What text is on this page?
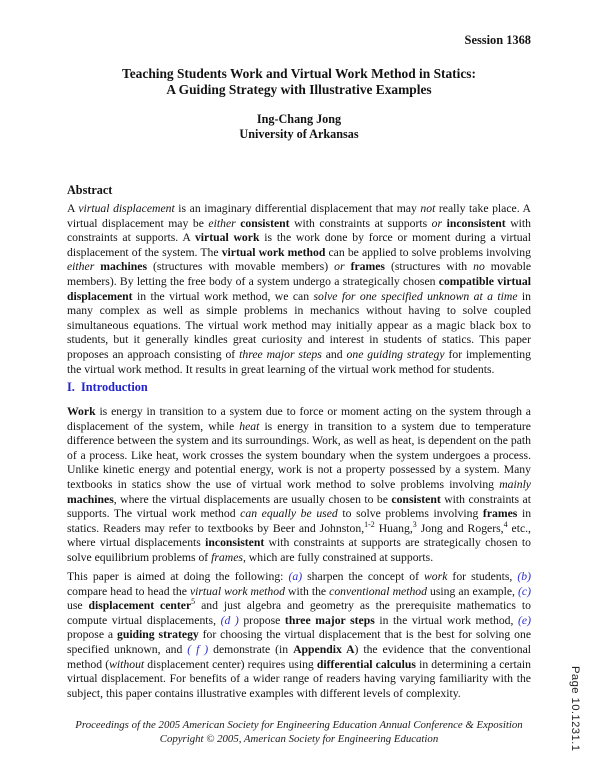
Session 1368
Teaching Students Work and Virtual Work Method in Statics:
A Guiding Strategy with Illustrative Examples
Ing-Chang Jong
University of Arkansas
Abstract

A virtual displacement is an imaginary differential displacement that may not really take place. A virtual displacement may be either consistent with constraints at supports or inconsistent with constraints at supports. A virtual work is the work done by force or moment during a virtual displacement of the system. The virtual work method can be applied to solve problems involving either machines (structures with movable members) or frames (structures with no movable members). By letting the free body of a system undergo a strategically chosen compatible virtual displacement in the virtual work method, we can solve for one specified unknown at a time in many complex as well as simple problems in mechanics without having to solve coupled simultaneous equations. The virtual work method may initially appear as a magic black box to students, but it generally kindles great curiosity and interest in students of statics. This paper proposes an approach consisting of three major steps and one guiding strategy for implementing the virtual work method. It results in great learning of the virtual work method for students.

I.  Introduction

Work is energy in transition to a system due to force or moment acting on the system through a displacement of the system, while heat is energy in transition to a system due to temperature difference between the system and its surroundings. Work, as well as heat, is dependent on the path of a process. Like heat, work crosses the system boundary when the system undergoes a process. Unlike kinetic energy and potential energy, work is not a property possessed by a system. Many textbooks in statics show the use of virtual work method to solve problems involving mainly machines, where the virtual displacements are usually chosen to be consistent with constraints at supports. The virtual work method can equally be used to solve problems involving frames in statics. Readers may refer to textbooks by Beer and Johnston,$^{1-2}$ Huang,$^3$ Jong and Rogers,$^4$ etc., where virtual displacements inconsistent with constraints at supports are strategically chosen to solve equilibrium problems of frames, which are fully constrained at supports.

This paper is aimed at doing the following: (a) sharpen the concept of work for students, (b) compare head to head the virtual work method with the conventional method using an example, (c) use displacement center$^5$ and just algebra and geometry as the prerequisite mathematics to compute virtual displacements, (d ) propose three major steps in the virtual work method, (e) propose a guiding strategy for choosing the virtual displacement that is the best for solving one specified unknown, and ( f ) demonstrate (in Appendix A) the evidence that the conventional method (without displacement center) requires using differential calculus in determining a certain virtual displacement. For benefits of a wider range of readers having varying familiarity with the subject, this paper contains illustrative examples with different levels of complexity.

Proceedings of the 2005 American Society for Engineering Education Annual Conference & Exposition
Copyright © 2005, American Society for Engineering Education	Page 10.1231.1
